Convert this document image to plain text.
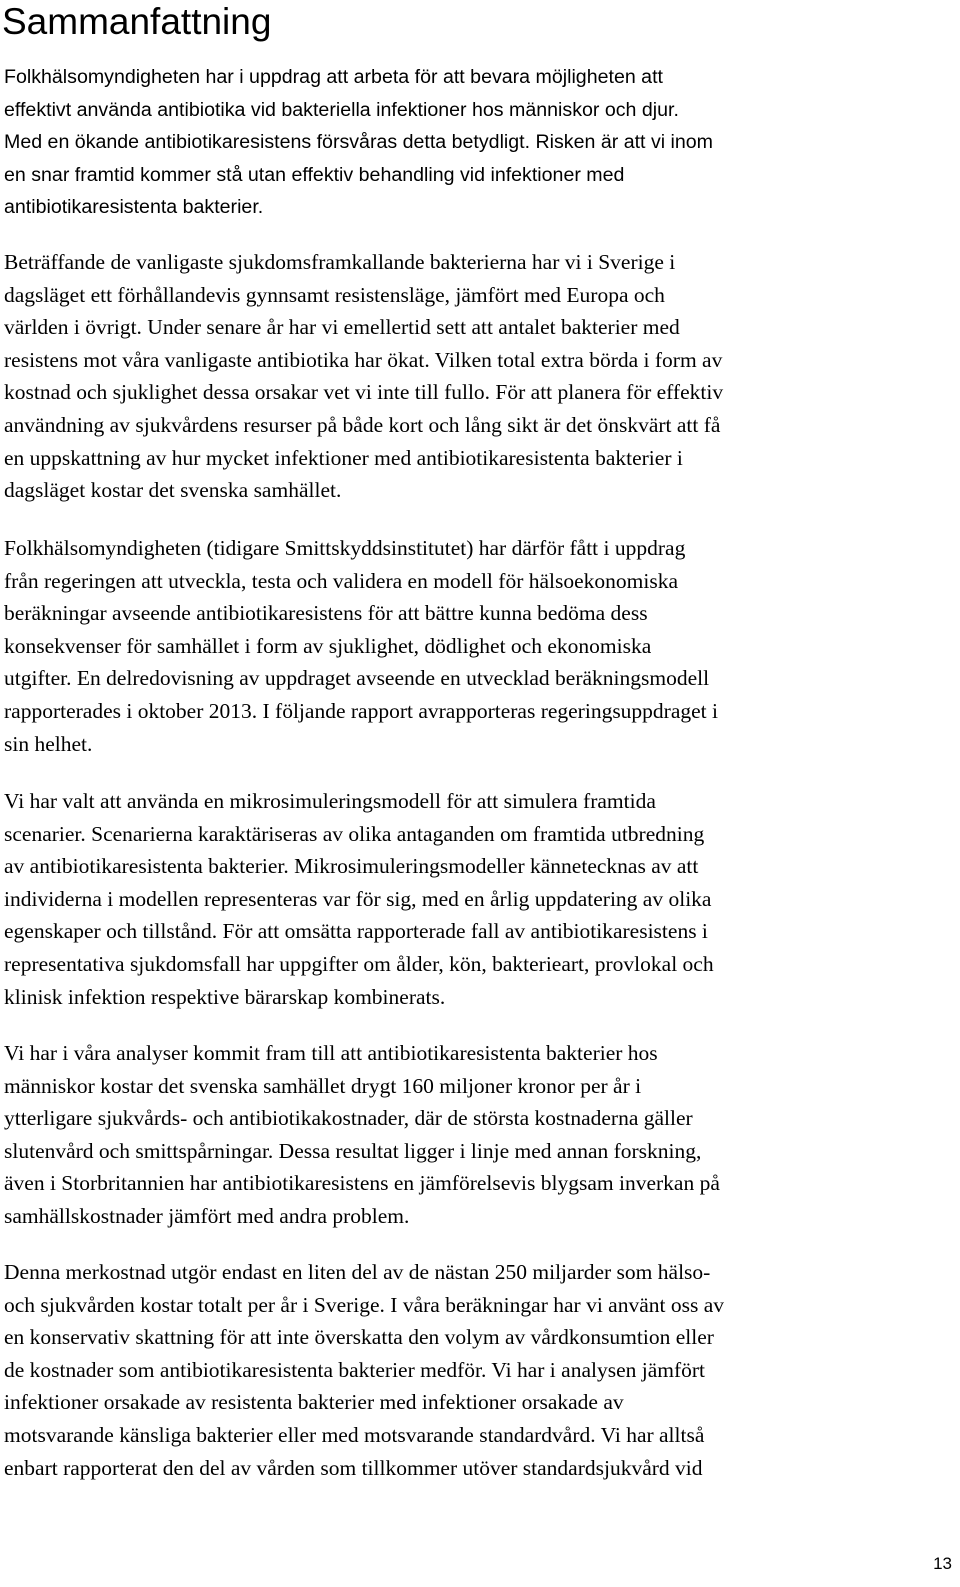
Sammanfattning

Folkhälsomyndigheten har i uppdrag att arbeta för att bevara möjligheten att
effektivt använda antibiotika vid bakteriella infektioner hos människor och djur.
Med en ökande antibiotikaresistens försvåras detta betydligt. Risken är att vi inom
en snar framtid kommer stå utan effektiv behandling vid infektioner med
antibiotikaresistenta bakterier.

Beträffande de vanligaste sjukdomsframkallande bakterierna har vi i Sverige i
dagsläget ett förhållandevis gynnsamt resistensläge, jämfört med Europa och
världen i övrigt. Under senare år har vi emellertid sett att antalet bakterier med
resistens mot våra vanligaste antibiotika har ökat. Vilken total extra börda i form av
kostnad och sjuklighet dessa orsakar vet vi inte till fullo. För att planera för effektiv
användning av sjukvårdens resurser på både kort och lång sikt är det önskvärt att få
en uppskattning av hur mycket infektioner med antibiotikaresistenta bakterier i
dagsläget kostar det svenska samhället.

Folkhälsomyndigheten (tidigare Smittskyddsinstitutet) har därför fått i uppdrag
från regeringen att utveckla, testa och validera en modell för hälsoekonomiska
beräkningar avseende antibiotikaresistens för att bättre kunna bedöma dess
konsekvenser för samhället i form av sjuklighet, dödlighet och ekonomiska
utgifter. En delredovisning av uppdraget avseende en utvecklad beräkningsmodell
rapporterades i oktober 2013. I följande rapport avrapporteras regeringsuppdraget i
sin helhet.

Vi har valt att använda en mikrosimuleringsmodell för att simulera framtida
scenarier. Scenarierna karaktäriseras av olika antaganden om framtida utbredning
av antibiotikaresistenta bakterier. Mikrosimuleringsmodeller kännetecknas av att
individerna i modellen representeras var för sig, med en årlig uppdatering av olika
egenskaper och tillstånd. För att omsätta rapporterade fall av antibiotikaresistens i
representativa sjukdomsfall har uppgifter om ålder, kön, bakterieart, provlokal och
klinisk infektion respektive bärarskap kombinerats.

Vi har i våra analyser kommit fram till att antibiotikaresistenta bakterier hos
människor kostar det svenska samhället drygt 160 miljoner kronor per år i
ytterligare sjukvårds- och antibiotikakostnader, där de största kostnaderna gäller
slutenvård och smittspårningar. Dessa resultat ligger i linje med annan forskning,
även i Storbritannien har antibiotikaresistens en jämförelsevis blygsam inverkan på
samhällskostnader jämfört med andra problem.

Denna merkostnad utgör endast en liten del av de nästan 250 miljarder som hälso-
och sjukvården kostar totalt per år i Sverige. I våra beräkningar har vi använt oss av
en konservativ skattning för att inte överskatta den volym av vårdkonsumtion eller
de kostnader som antibiotikaresistenta bakterier medför. Vi har i analysen jämfört
infektioner orsakade av resistenta bakterier med infektioner orsakade av
motsvarande känsliga bakterier eller med motsvarande standardvård. Vi har alltså
enbart rapporterat den del av vården som tillkommer utöver standardsjukvård vid

13
